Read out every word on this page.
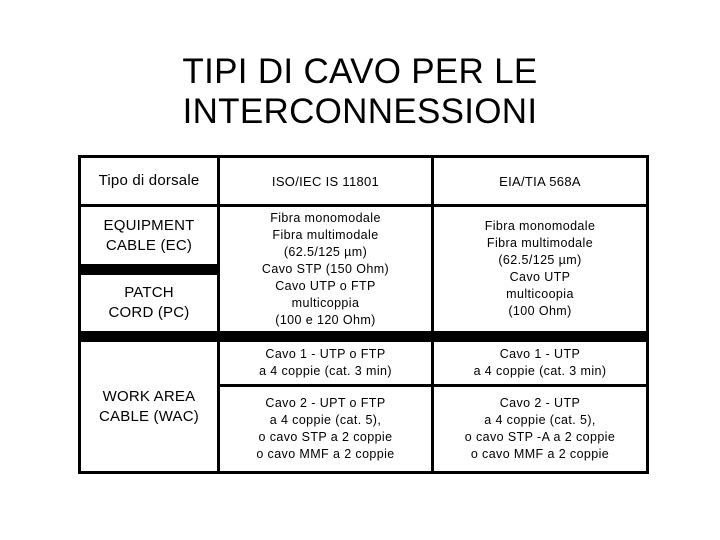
TIPI DI CAVO PER LE
INTERCONNESSIONI
Tipo di dorsale	ISO/IEC IS 11801	EIA/TIA 568A
EQUIPMENT
CABLE (EC)
PATCH
CORD (PC)
WORK AREA
CABLE (WAC)
Fibra monomodale
Fibra multimodale
(62.5/125 µm)
Cavo STP (150 Ohm)
Cavo UTP o FTP
multicoppia
(100 e 120 Ohm)
Fibra monomodale
Fibra multimodale
(62.5/125 µm)
Cavo UTP
multicoopia
(100 Ohm)
Cavo 1 - UTP o FTP
a 4 coppie (cat. 3 min)
Cavo 1 - UTP
a 4 coppie (cat. 3 min)
Cavo 2 - UPT o FTP
a 4 coppie (cat. 5),
o cavo STP a 2 coppie
o cavo MMF a 2 coppie
Cavo 2 - UTP
a 4 coppie (cat. 5),
o cavo STP -A a 2 coppie
o cavo MMF a 2 coppie
